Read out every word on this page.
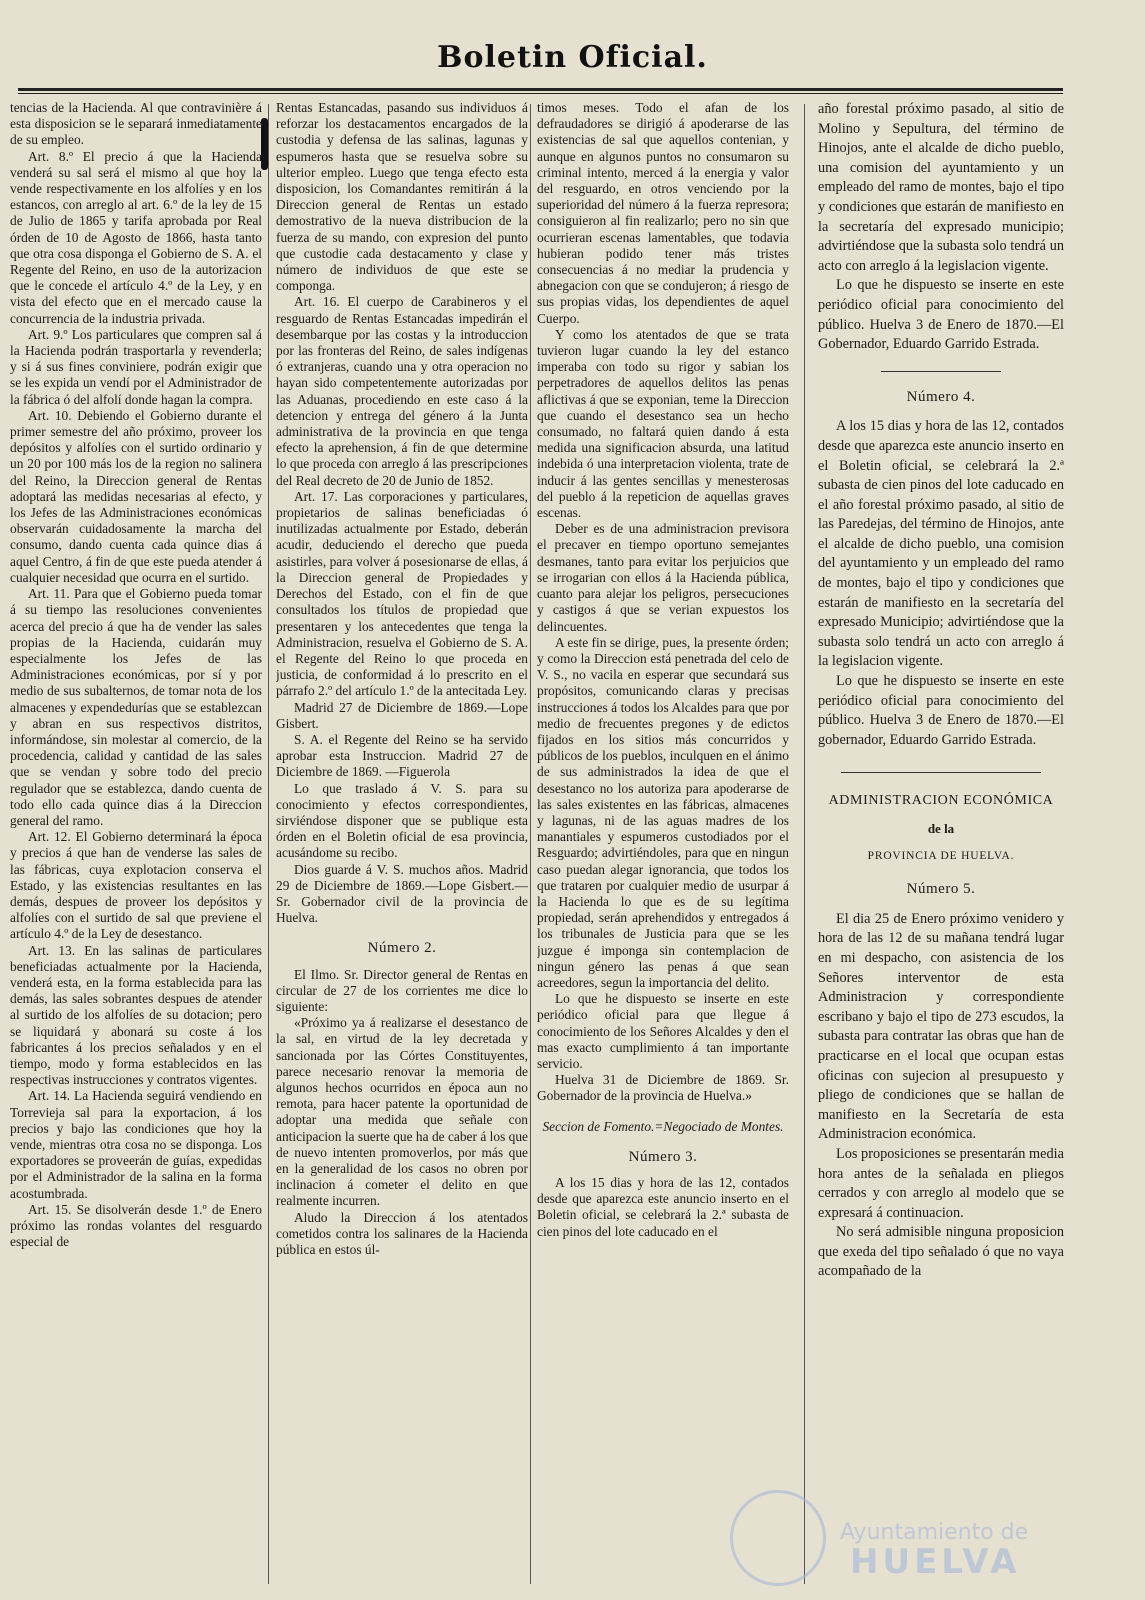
Boletin Oficial.

tencias de la Hacienda. Al que contravinière á esta disposicion se le separará inmediatamente de su empleo.

Art. 8.º El precio á que la Hacienda venderá su sal será el mismo al que hoy la vende respectivamente en los alfolíes y en los estancos, con arreglo al art. 6.º de la ley de 15 de Julio de 1865 y tarifa aprobada por Real órden de 10 de Agosto de 1866, hasta tanto que otra cosa disponga el Gobierno de S. A. el Regente del Reino, en uso de la autorizacion que le concede el artículo 4.º de la Ley, y en vista del efecto que en el mercado cause la concurrencia de la industria privada.

Art. 9.º Los particulares que compren sal á la Hacienda podrán trasportarla y revenderla; y si á sus fines conviniere, podrán exigir que se les expida un vendí por el Administrador de la fábrica ó del alfolí donde hagan la compra.

Art. 10. Debiendo el Gobierno durante el primer semestre del año próximo, proveer los depósitos y alfolíes con el surtido ordinario y un 20 por 100 más los de la region no salinera del Reino, la Direccion general de Rentas adoptará las medidas necesarias al efecto, y los Jefes de las Administraciones económicas observarán cuidadosamente la marcha del consumo, dando cuenta cada quince dias á aquel Centro, á fin de que este pueda atender á cualquier necesidad que ocurra en el surtido.

Art. 11. Para que el Gobierno pueda tomar á su tiempo las resoluciones convenientes acerca del precio á que ha de vender las sales propias de la Hacienda, cuidarán muy especialmente los Jefes de las Administraciones económicas, por sí y por medio de sus subalternos, de tomar nota de los almacenes y expendedurías que se establezcan y abran en sus respectivos distritos, informándose, sin molestar al comercio, de la procedencia, calidad y cantidad de las sales que se vendan y sobre todo del precio regulador que se establezca, dando cuenta de todo ello cada quince dias á la Direccion general del ramo.

Art. 12. El Gobierno determinará la época y precios á que han de venderse las sales de las fábricas, cuya explotacion conserva el Estado, y las existencias resultantes en las demás, despues de proveer los depósitos y alfolíes con el surtido de sal que previene el artículo 4.º de la Ley de desestanco.

Art. 13. En las salinas de particulares beneficiadas actualmente por la Hacienda, venderá esta, en la forma establecida para las demás, las sales sobrantes despues de atender al surtido de los alfolíes de su dotacion; pero se liquidará y abonará su coste á los fabricantes á los precios señalados y en el tiempo, modo y forma establecidos en las respectivas instrucciones y contratos vigentes.

Art. 14. La Hacienda seguirá vendiendo en Torrevieja sal para la exportacion, á los precios y bajo las condiciones que hoy la vende, mientras otra cosa no se disponga. Los exportadores se proveerán de guías, expedidas por el Administrador de la salina en la forma acostumbrada.

Art. 15. Se disolverán desde 1.º de Enero próximo las rondas volantes del resguardo especial de

Rentas Estancadas, pasando sus individuos á reforzar los destacamentos encargados de la custodia y defensa de las salinas, lagunas y espumeros hasta que se resuelva sobre su ulterior empleo. Luego que tenga efecto esta disposicion, los Comandantes remitirán á la Direccion general de Rentas un estado demostrativo de la nueva distribucion de la fuerza de su mando, con expresion del punto que custodie cada destacamento y clase y número de individuos de que este se componga.

Art. 16. El cuerpo de Carabineros y el resguardo de Rentas Estancadas impedirán el desembarque por las costas y la introduccion por las fronteras del Reino, de sales indígenas ó extranjeras, cuando una y otra operacion no hayan sido competentemente autorizadas por las Aduanas, procediendo en este caso á la detencion y entrega del género á la Junta administrativa de la provincia en que tenga efecto la aprehension, á fin de que determine lo que proceda con arreglo á las prescripciones del Real decreto de 20 de Junio de 1852.

Art. 17. Las corporaciones y particulares, propietarios de salinas beneficiadas ó inutilizadas actualmente por Estado, deberán acudir, deduciendo el derecho que pueda asistirles, para volver á posesionarse de ellas, á la Direccion general de Propiedades y Derechos del Estado, con el fin de que consultados los títulos de propiedad que presentaren y los antecedentes que tenga la Administracion, resuelva el Gobierno de S. A. el Regente del Reino lo que proceda en justicia, de conformidad á lo prescrito en el párrafo 2.º del artículo 1.º de la antecitada Ley.

Madrid 27 de Diciembre de 1869.—Lope Gisbert.

S. A. el Regente del Reino se ha servido aprobar esta Instruccion. Madrid 27 de Diciembre de 1869. —Figuerola

Lo que traslado á V. S. para su conocimiento y efectos correspondientes, sirviéndose disponer que se publique esta órden en el Boletin oficial de esa provincia, acusándome su recibo.

Dios guarde á V. S. muchos años. Madrid 29 de Diciembre de 1869.—Lope Gisbert.—Sr. Gobernador civil de la provincia de Huelva.

Número 2.

El Ilmo. Sr. Director general de Rentas en circular de 27 de los corrientes me dice lo siguiente:

«Próximo ya á realizarse el desestanco de la sal, en virtud de la ley decretada y sancionada por las Córtes Constituyentes, parece necesario renovar la memoria de algunos hechos ocurridos en época aun no remota, para hacer patente la oportunidad de adoptar una medida que señale con anticipacion la suerte que ha de caber á los que de nuevo intenten promoverlos, por más que en la generalidad de los casos no obren por inclinacion á cometer el delito en que realmente incurren.

Aludo la Direccion á los atentados cometidos contra los salinares de la Hacienda pública en estos úl-

timos meses. Todo el afan de los defraudadores se dirigió á apoderarse de las existencias de sal que aquellos contenian, y aunque en algunos puntos no consumaron su criminal intento, merced á la energia y valor del resguardo, en otros venciendo por la superioridad del número á la fuerza represora; consiguieron al fin realizarlo; pero no sin que ocurrieran escenas lamentables, que todavia hubieran podido tener más tristes consecuencias á no mediar la prudencia y abnegacion con que se condujeron; á riesgo de sus propias vidas, los dependientes de aquel Cuerpo.

Y como los atentados de que se trata tuvieron lugar cuando la ley del estanco imperaba con todo su rigor y sabian los perpetradores de aquellos delitos las penas aflictivas á que se exponian, teme la Direccion que cuando el desestanco sea un hecho consumado, no faltará quien dando á esta medida una significacion absurda, una latitud indebida ó una interpretacion violenta, trate de inducir á las gentes sencillas y menesterosas del pueblo á la repeticion de aquellas graves escenas.

Deber es de una administracion previsora el precaver en tiempo oportuno semejantes desmanes, tanto para evitar los perjuicios que se irrogarian con ellos á la Hacienda pública, cuanto para alejar los peligros, persecuciones y castigos á que se verian expuestos los delincuentes.

A este fin se dirige, pues, la presente órden; y como la Direccion está penetrada del celo de V. S., no vacila en esperar que secundará sus propósitos, comunicando claras y precisas instrucciones á todos los Alcaldes para que por medio de frecuentes pregones y de edictos fijados en los sitios más concurridos y públicos de los pueblos, inculquen en el ánimo de sus administrados la idea de que el desestanco no los autoriza para apoderarse de las sales existentes en las fábricas, almacenes y lagunas, ni de las aguas madres de los manantiales y espumeros custodiados por el Resguardo; advirtiéndoles, para que en ningun caso puedan alegar ignorancia, que todos los que trataren por cualquier medio de usurpar á la Hacienda lo que es de su legítima propiedad, serán aprehendidos y entregados á los tribunales de Justicia para que se les juzgue é imponga sin contemplacion de ningun género las penas á que sean acreedores, segun la importancia del delito.

Lo que he dispuesto se inserte en este periódico oficial para que llegue á conocimiento de los Señores Alcaldes y den el mas exacto cumplimiento á tan importante servicio.

Huelva 31 de Diciembre de 1869. Sr. Gobernador de la provincia de Huelva.»

Seccion de Fomento.=Negociado de Montes.

Número 3.

A los 15 dias y hora de las 12, contados desde que aparezca este anuncio inserto en el Boletin oficial, se celebrará la 2.ª subasta de cien pinos del lote caducado en el

año forestal próximo pasado, al sitio de Molino y Sepultura, del término de Hinojos, ante el alcalde de dicho pueblo, una comision del ayuntamiento y un empleado del ramo de montes, bajo el tipo y condiciones que estarán de manifiesto en la secretaría del expresado municipio; advirtiéndose que la subasta solo tendrá un acto con arreglo á la legislacion vigente.

Lo que he dispuesto se inserte en este periódico oficial para conocimiento del público. Huelva 3 de Enero de 1870.—El Gobernador, Eduardo Garrido Estrada.

Número 4.

A los 15 dias y hora de las 12, contados desde que aparezca este anuncio inserto en el Boletin oficial, se celebrará la 2.ª subasta de cien pinos del lote caducado en el año forestal próximo pasado, al sitio de las Paredejas, del término de Hinojos, ante el alcalde de dicho pueblo, una comision del ayuntamiento y un empleado del ramo de montes, bajo el tipo y condiciones que estarán de manifiesto en la secretaría del expresado Municipio; advirtiéndose que la subasta solo tendrá un acto con arreglo á la legislacion vigente.

Lo que he dispuesto se inserte en este periódico oficial para conocimiento del público. Huelva 3 de Enero de 1870.—El gobernador, Eduardo Garrido Estrada.

ADMINISTRACION ECONÓMICA
de la
PROVINCIA DE HUELVA.

Número 5.

El dia 25 de Enero próximo venidero y hora de las 12 de su mañana tendrá lugar en mi despacho, con asistencia de los Señores interventor de esta Administracion y correspondiente escribano y bajo el tipo de 273 escudos, la subasta para contratar las obras que han de practicarse en el local que ocupan estas oficinas con sujecion al presupuesto y pliego de condiciones que se hallan de manifiesto en la Secretaría de esta Administracion económica.

Los proposiciones se presentarán media hora antes de la señalada en pliegos cerrados y con arreglo al modelo que se expresará á continuacion.

No será admisible ninguna proposicion que exeda del tipo señalado ó que no vaya acompañado de la

Ayuntamiento de
HUELVA
